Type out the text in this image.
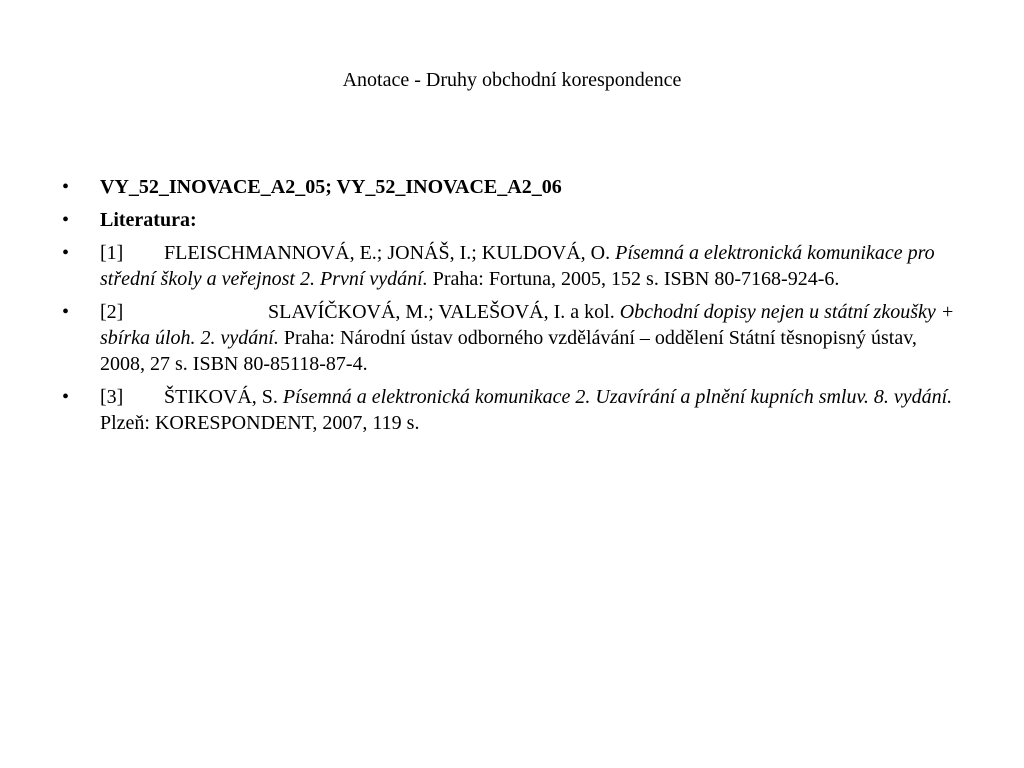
Anotace - Druhy obchodní korespondence
• VY_52_INOVACE_A2_05; VY_52_INOVACE_A2_06
• Literatura:
• [1] FLEISCHMANNOVÁ, E.; JONÁŠ, I.; KULDOVÁ, O. Písemná a elektronická komunikace pro střední školy a veřejnost 2. První vydání. Praha: Fortuna, 2005, 152 s. ISBN 80-7168-924-6.
• [2]	SLAVÍČKOVÁ, M.; VALEŠOVÁ, I. a kol. Obchodní dopisy nejen u státní zkoušky + sbírka úloh. 2. vydání. Praha: Národní ústav odborného vzdělávání – oddělení Státní těsnopisný ústav, 2008, 27 s. ISBN 80-85118-87-4.
• [3] ŠTIKOVÁ, S. Písemná a elektronická komunikace 2. Uzavírání a plnění kupních smluv. 8. vydání. Plzeň: KORESPONDENT, 2007, 119 s.
